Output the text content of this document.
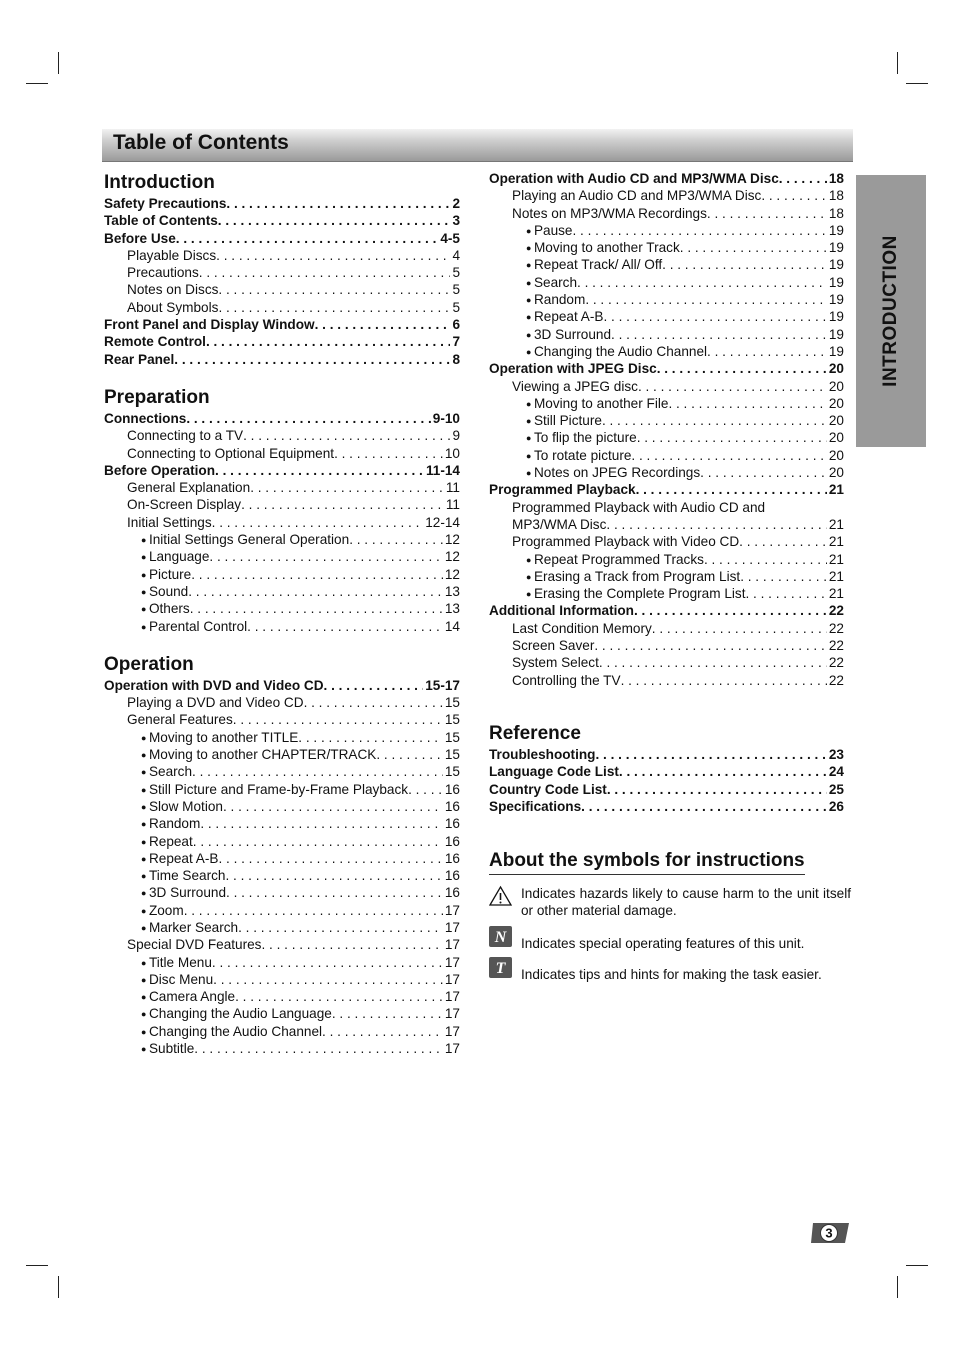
Table of Contents
INTRODUCTION
Introduction
Safety Precautions . . .	2
Table of Contents . . .	3
Before Use . . .	4-5
Playable Discs . . .	4
Precautions . . .	5
Notes on Discs . . .	5
About Symbols . . .	5
Front Panel and Display Window . . .	6
Remote Control . . .	7
Rear Panel . . .	8
Preparation
Connections . . .	9-10
Connecting to a TV . . .	9
Connecting to Optional Equipment . . .	10
Before Operation . . .	11-14
General Explanation . . .	11
On-Screen Display . . .	11
Initial Settings . . .	12-14
● Initial Settings General Operation . . .	12
● Language . . .	12
● Picture . . .	12
● Sound . . .	13
● Others . . .	13
● Parental Control . . .	14
Operation
Operation with DVD and Video CD . . .	15-17
Playing a DVD and Video CD . . .	15
General Features . . .	15
● Moving to another TITLE . . .	15
● Moving to another CHAPTER/TRACK . . .	15
● Search . . .	15
● Still Picture and Frame-by-Frame Playback . . .	16
● Slow Motion . . .	16
● Random . . .	16
● Repeat . . .	16
● Repeat A-B . . .	16
● Time Search . . .	16
● 3D Surround . . .	16
● Zoom . . .	17
● Marker Search . . .	17
Special DVD Features . . .	17
● Title Menu . . .	17
● Disc Menu . . .	17
● Camera Angle . . .	17
● Changing the Audio Language . . .	17
● Changing the Audio Channel . . .	17
● Subtitle . . .	17
Operation with Audio CD and MP3/WMA Disc . . .	18
Playing an Audio CD and MP3/WMA Disc . . .	18
Notes on MP3/WMA Recordings . . .	18
● Pause . . .	19
● Moving to another Track . . .	19
● Repeat Track/ All/ Off . . .	19
● Search . . .	19
● Random . . .	19
● Repeat A-B . . .	19
● 3D Surround . . .	19
● Changing the Audio Channel . . .	19
Operation with JPEG Disc . . .	20
Viewing a JPEG disc . . .	20
● Moving to another File . . .	20
● Still Picture . . .	20
● To flip the picture . . .	20
● To rotate picture . . .	20
● Notes on JPEG Recordings . . .	20
Programmed Playback . . .	21
Programmed Playback with Audio CD and
MP3/WMA Disc . . .	21
Programmed Playback with Video CD . . .	21
● Repeat Programmed Tracks . . .	21
● Erasing a Track from Program List . . .	21
● Erasing the Complete Program List . . .	21
Additional Information . . .	22
Last Condition Memory . . .	22
Screen Saver . . .	22
System Select . . .	22
Controlling the TV . . .	22
Reference
Troubleshooting . . .	23
Language Code List . . .	24
Country Code List . . .	25
Specifications . . .	26
About the symbols for instructions
Indicates hazards likely to cause harm to the unit itself or other material damage.
N Indicates special operating features of this unit.
T Indicates tips and hints for making the task easier.
3
